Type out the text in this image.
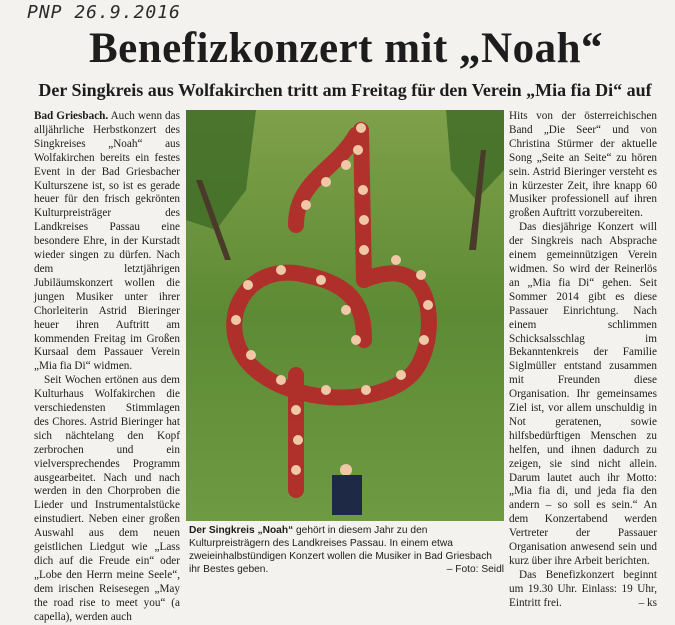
PNP 26.9.2016
Benefizkonzert mit „Noah“
Der Singkreis aus Wolfakirchen tritt am Freitag für den Verein „Mia fia Di“ auf

Bad Griesbach. Auch wenn das alljährliche Herbstkonzert des Singkreises „Noah“ aus Wolfakirchen bereits ein festes Event in der Bad Griesbacher Kulturszene ist, so ist es gerade heuer für den frisch gekrönten Kulturpreisträger des Landkreises Passau eine besondere Ehre, in der Kurstadt wieder singen zu dürfen. Nach dem letztjährigen Jubiläumskonzert wollen die jungen Musiker unter ihrer Chorleiterin Astrid Bieringer heuer ihren Auftritt am kommenden Freitag im Großen Kursaal dem Passauer Verein „Mia fia Di“ widmen.

Seit Wochen ertönen aus dem Kulturhaus Wolfakirchen die verschiedensten Stimmlagen des Chores. Astrid Bieringer hat sich nächtelang den Kopf zerbrochen und ein vielversprechendes Programm ausgearbeitet. Nach und nach werden in den Chorproben die Lieder und Instrumentalstücke einstudiert. Neben einer großen Auswahl aus dem neuen geistlichen Liedgut wie „Lass dich auf die Freude ein“ oder „Lobe den Herrn meine Seele“, dem irischen Reisesegen „May the road rise to meet you“ (a capella), werden auch

Hits von der österreichischen Band „Die Seer“ und von Christina Stürmer der aktuelle Song „Seite an Seite“ zu hören sein. Astrid Bieringer versteht es in kürzester Zeit, ihre knapp 60 Musiker professionell auf ihren großen Auftritt vorzubereiten.

Das diesjährige Konzert will der Singkreis nach Absprache einem gemeinnützigen Verein widmen. So wird der Reinerlös an „Mia fia Di“ gehen. Seit Sommer 2014 gibt es diese Passauer Einrichtung. Nach einem schlimmen Schicksalsschlag im Bekanntenkreis der Familie Siglmüller entstand zusammen mit Freunden diese Organisation. Ihr gemeinsames Ziel ist, vor allem unschuldig in Not geratenen, sowie hilfsbedürftigen Menschen zu helfen, und ihnen dadurch zu zeigen, sie sind nicht allein. Darum lautet auch ihr Motto: „Mia fia di, und jeda fia den andern – so soll es sein.“ An dem Konzertabend werden Vertreter der Passauer Organisation anwesend sein und kurz über ihre Arbeit berichten.

Das Benefizkonzert beginnt um 19.30 Uhr. Einlass: 19 Uhr, Eintritt frei.	– ks

Der Singkreis „Noah“ gehört in diesem Jahr zu den Kulturpreisträgern des Landkreises Passau. In einem etwa zweieinhalbstündigen Konzert wollen die Musiker in Bad Griesbach ihr Bestes geben.	– Foto: Seidl
